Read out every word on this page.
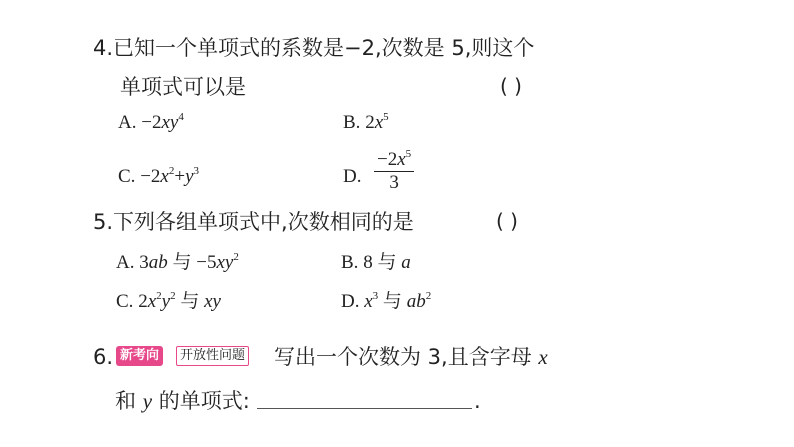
4.已知一个单项式的系数是−2,次数是 5,则这个
单项式可以是	( )
A. $-2xy^4$	B. $2x^5$
C. $-2x^2+y^3$	D. $\frac{-2x^5}{3}$
5.下列各组单项式中,次数相同的是	( )
A. 3ab 与 $-5xy^2$	B. 8 与 a
C. $2x^2y^2$ 与 xy	D. $x^3$ 与 $ab^2$
6. 新考向	开放性问题 写出一个次数为 3,且含字母 x
和 y 的单项式:	.
